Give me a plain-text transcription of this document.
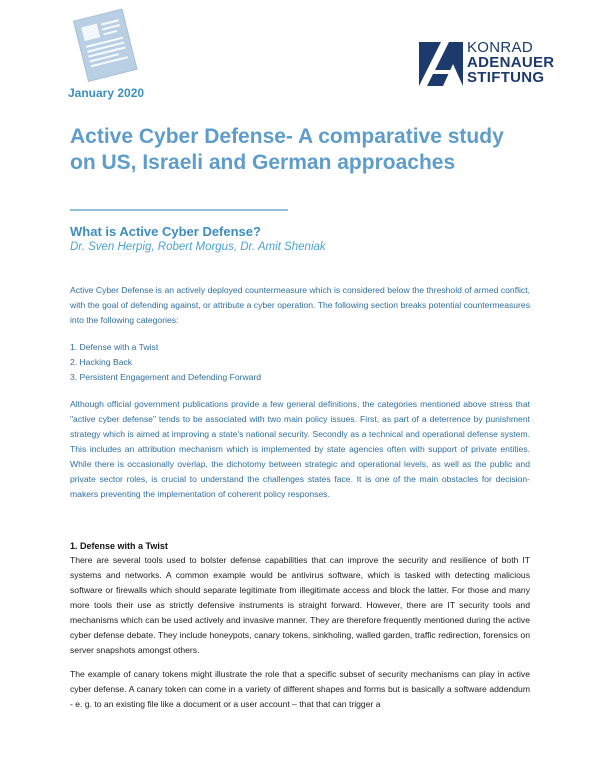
January 2020
KONRAD
ADENAUER
STIFTUNG
Active Cyber Defense- A comparative study on US, Israeli and German approaches
What is Active Cyber Defense?
Dr. Sven Herpig, Robert Morgus, Dr. Amit Sheniak

Active Cyber Defense is an actively deployed countermeasure which is considered below the threshold of armed conflict, with the goal of defending against, or attribute a cyber operation. The following section breaks potential countermeasures into the following categories:

1. Defense with a Twist
2. Hacking Back
3. Persistent Engagement and Defending Forward

Although official government publications provide a few general definitions, the categories mentioned above stress that "active cyber defense" tends to be associated with two main policy issues. First, as part of a deterrence by punishment strategy which is aimed at improving a state's national security. Secondly as a technical and operational defense system. This includes an attribution mechanism which is implemented by state agencies often with support of private entities. While there is occasionally overlap, the dichotomy between strategic and operational levels, as well as the public and private sector roles, is crucial to understand the challenges states face. It is one of the main obstacles for decision-makers preventing the implementation of coherent policy responses.

1. Defense with a Twist

There are several tools used to bolster defense capabilities that can improve the security and resilience of both IT systems and networks. A common example would be antivirus software, which is tasked with detecting malicious software or firewalls which should separate legitimate from illegitimate access and block the latter. For those and many more tools their use as strictly defensive instruments is straight forward. However, there are IT security tools and mechanisms which can be used actively and invasive manner. They are therefore frequently mentioned during the active cyber defense debate. They include honeypots, canary tokens, sinkholing, walled garden, traffic redirection, forensics on server snapshots amongst others.

The example of canary tokens might illustrate the role that a specific subset of security mechanisms can play in active cyber defense. A canary token can come in a variety of different shapes and forms but is basically a software addendum - e. g. to an existing file like a document or a user account – that that can trigger a
